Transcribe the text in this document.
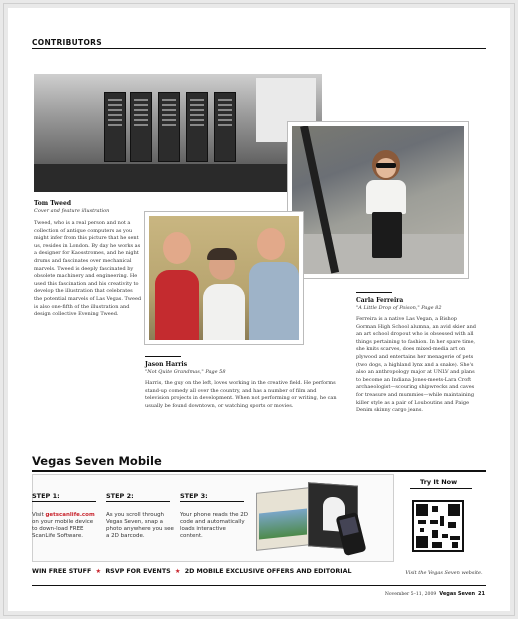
CONTRIBUTORS
Tom Tweed
Cover and feature illustration
Tweed, who is a real person and not a collection of antique computers as you might infer from this picture that he sent us, resides in London. By day he works as a designer for Kaosstromes, and he night drums and fascinates over mechanical marvels. Tweed is deeply fascinated by obsolete machinery and engineering. He used this fascination and his creativity to develop the illustration that celebrates the potential marvels of Las Vegas. Tweed is also one-fifth of the illustration and design collective Evening Tweed.
Jason Harris
"Not Quite Grandmas," Page 58
Harris, the guy on the left, loves working in the creative field. He performs stand-up comedy all over the country, and has a number of film and television projects in development. When not performing or writing, he can usually be found downtown, or watching sports or movies.
Carla Ferreira
"A Little Drop of Poison," Page 82
Ferreira is a native Las Vegan, a Bishop Gorman High School alumna, an avid skier and an art school dropout who is obsessed with all things pertaining to fashion. In her spare time, she knits scarves, does mixed-media art on plywood and entertains her menagerie of pets (two dogs, a highland lynx and a snake). She's also an anthropology major at UNLV and plans to become an Indiana Jones-meets-Lara Croft archaeologist—scouring shipwrecks and caves for treasure and mummies—while maintaining killer style as a pair of Louboutins and Paige Denim skinny cargo jeans.
Vegas Seven Mobile
STEP 1:
Visit getscanlife.com on your mobile device to down-load FREE ScanLife Software.
STEP 2:
As you scroll through Vegas Seven, snap a photo anywhere you see a 2D barcode.
STEP 3:
Your phone reads the 2D code and automatically loads interactive content.
Try It Now
Visit the Vegas Seven website.
WIN FREE STUFF ★ RSVP FOR EVENTS ★ 2D MOBILE EXCLUSIVE OFFERS AND EDITORIAL
November 5–11, 2009 Vegas Seven 21
